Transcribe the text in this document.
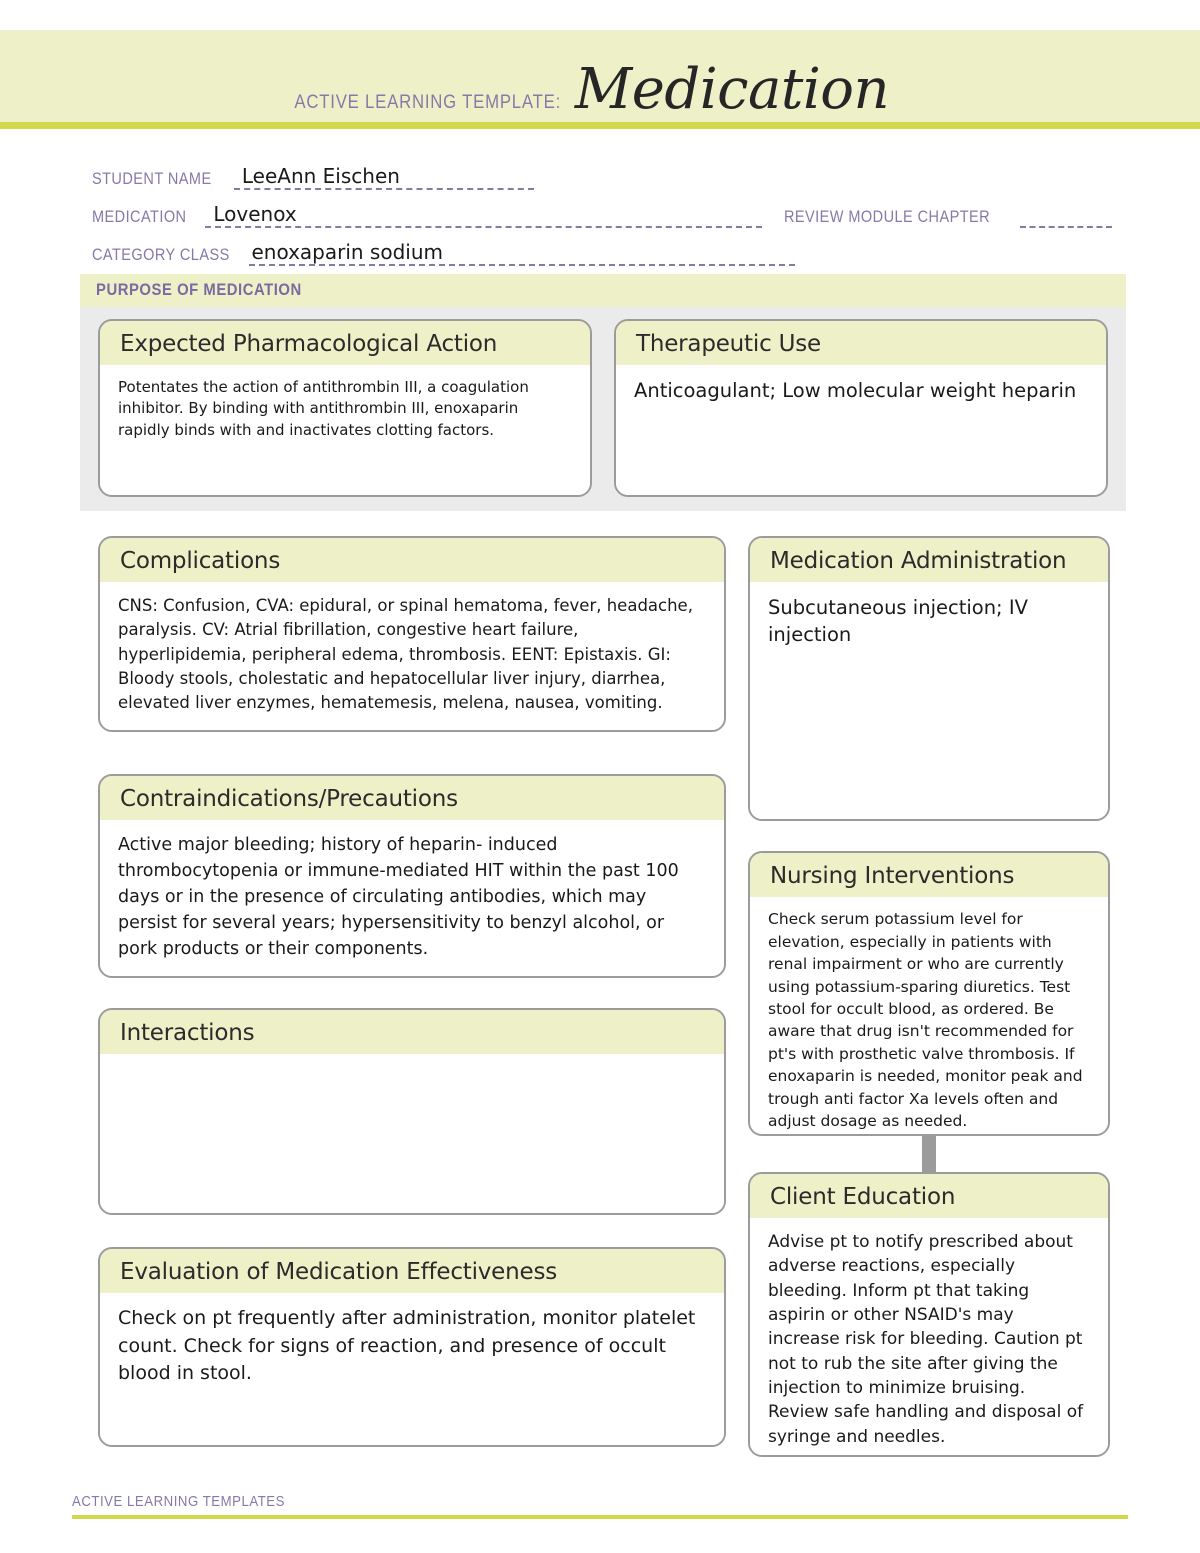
ACTIVE LEARNING TEMPLATE: Medication
STUDENT NAME LeeAnn Eischen
MEDICATION Lovenox	REVIEW MODULE CHAPTER
CATEGORY CLASS enoxaparin sodium
PURPOSE OF MEDICATION
Expected Pharmacological Action

Potentates the action of antithrombin III, a coagulation inhibitor. By binding with antithrombin III, enoxaparin rapidly binds with and inactivates clotting factors.

Therapeutic Use

Anticoagulant; Low molecular weight heparin

Complications

CNS: Confusion, CVA: epidural, or spinal hematoma, fever, headache, paralysis. CV: Atrial fibrillation, congestive heart failure, hyperlipidemia, peripheral edema, thrombosis. EENT: Epistaxis. GI: Bloody stools, cholestatic and hepatocellular liver injury, diarrhea, elevated liver enzymes, hematemesis, melena, nausea, vomiting.

Contraindications/Precautions

Active major bleeding; history of heparin- induced thrombocytopenia or immune-mediated HIT within the past 100 days or in the presence of circulating antibodies, which may persist for several years; hypersensitivity to benzyl alcohol, or pork products or their components.

Interactions

Evaluation of Medication Effectiveness

Check on pt frequently after administration, monitor platelet count. Check for signs of reaction, and presence of occult blood in stool.

Medication Administration

Subcutaneous injection; IV injection

Nursing Interventions

Check serum potassium level for elevation, especially in patients with renal impairment or who are currently using potassium-sparing diuretics. Test stool for occult blood, as ordered. Be aware that drug isn't recommended for pt's with prosthetic valve thrombosis. If enoxaparin is needed, monitor peak and trough anti factor Xa levels often and adjust dosage as needed.

Client Education

Advise pt to notify prescribed about adverse reactions, especially bleeding. Inform pt that taking aspirin or other NSAID's may increase risk for bleeding. Caution pt not to rub the site after giving the injection to minimize bruising. Review safe handling and disposal of syringe and needles.

ACTIVE LEARNING TEMPLATES
